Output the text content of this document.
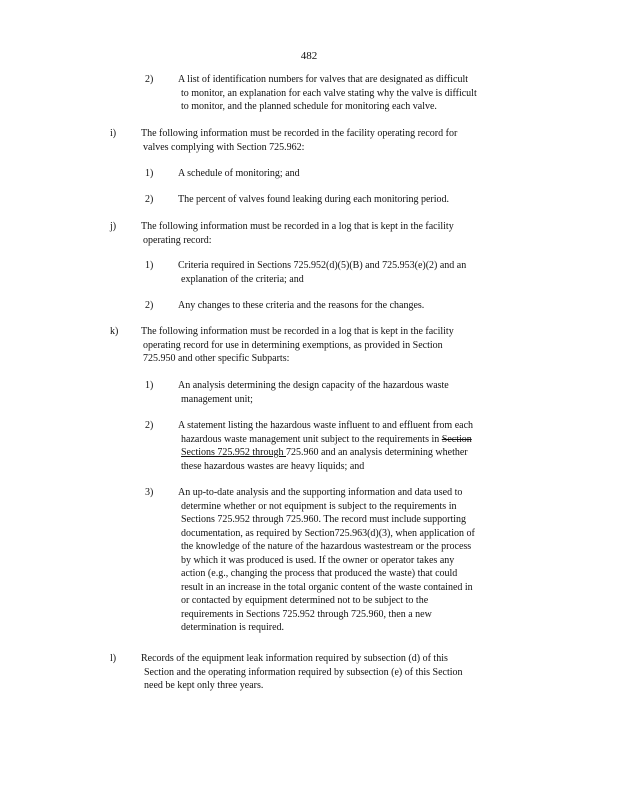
482
2) A list of identification numbers for valves that are designated as difficult
to monitor, an explanation for each valve stating why the valve is difficult
to monitor, and the planned schedule for monitoring each valve.
i) The following information must be recorded in the facility operating record for
valves complying with Section 725.962:
1) A schedule of monitoring; and
2) The percent of valves found leaking during each monitoring period.
j) The following information must be recorded in a log that is kept in the facility
operating record:
1) Criteria required in Sections 725.952(d)(5)(B) and 725.953(e)(2) and an
explanation of the criteria; and
2) Any changes to these criteria and the reasons for the changes.
k) The following information must be recorded in a log that is kept in the facility
operating record for use in determining exemptions, as provided in Section
725.950 and other specific Subparts:
1) An analysis determining the design capacity of the hazardous waste
management unit;
2) A statement listing the hazardous waste influent to and effluent from each
hazardous waste management unit subject to the requirements in Section
Sections 725.952 through 725.960 and an analysis determining whether
these hazardous wastes are heavy liquids; and
3) An up-to-date analysis and the supporting information and data used to
determine whether or not equipment is subject to the requirements in
Sections 725.952 through 725.960. The record must include supporting
documentation, as required by Section725.963(d)(3), when application of
the knowledge of the nature of the hazardous wastestream or the process
by which it was produced is used. If the owner or operator takes any
action (e.g., changing the process that produced the waste) that could
result in an increase in the total organic content of the waste contained in
or contacted by equipment determined not to be subject to the
requirements in Sections 725.952 through 725.960, then a new
determination is required.
l) Records of the equipment leak information required by subsection (d) of this
Section and the operating information required by subsection (e) of this Section
need be kept only three years.
